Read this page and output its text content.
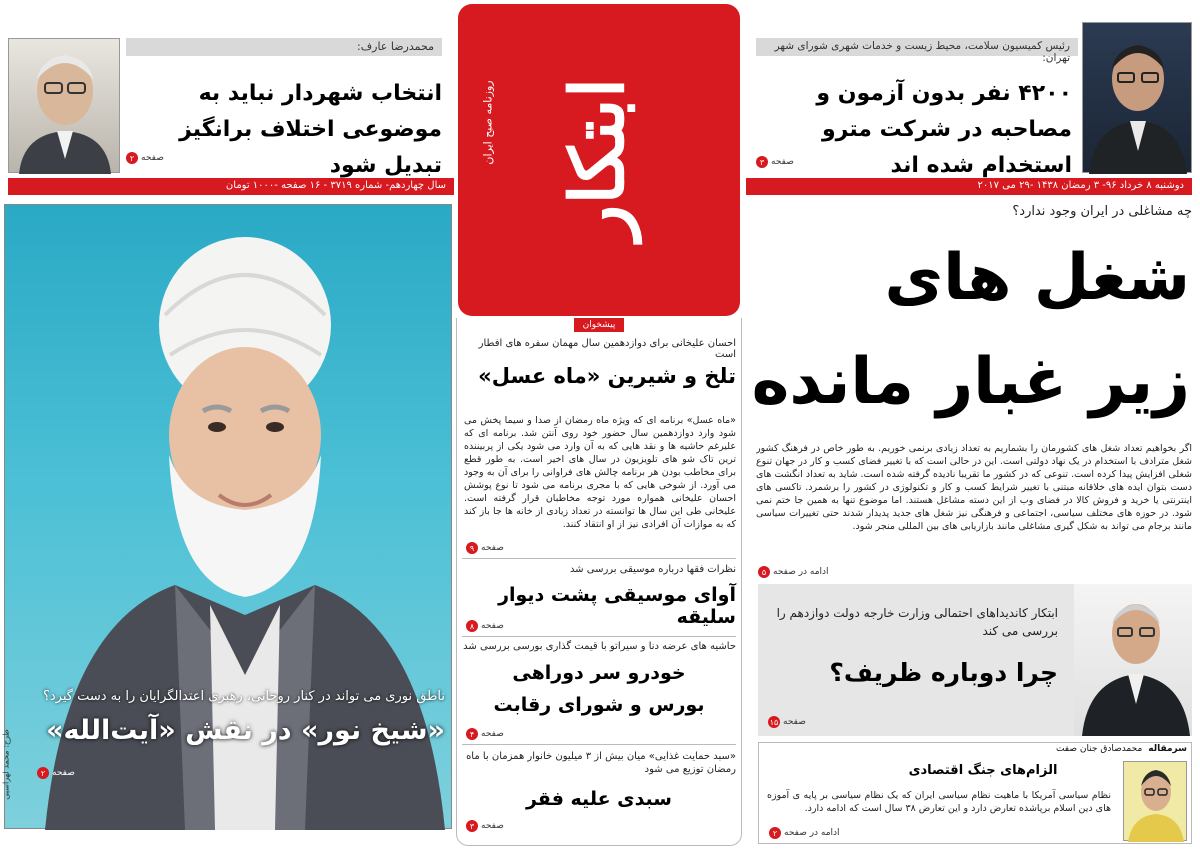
محمدرضا عارف:
انتخاب شهردار نباید به موضوعی اختلاف برانگیز تبدیل شود
صفحه
۲
سال چهاردهم- شماره ۳۷۱۹ - ۱۶ صفحه -۱۰۰۰ تومان
رئیس کمیسیون سلامت، محیط زیست و خدمات شهری شورای شهر تهران:
۴۲۰۰ نفر بدون آزمون و مصاحبه در شرکت مترو استخدام شده اند
صفحه
۳
دوشنبه ۸ خرداد ۹۶- ۳ رمضان ۱۴۳۸ -۲۹ می ۲۰۱۷
ابتکار
روزنامه صبح ایران
ناطق نوری می تواند در کنار روحانی، رهبری اعتدالگرایان را به دست گیرد؟
«شیخ نور» در نقش «آیت‌الله»
صفحه
۲
طرح: محمد لهراسبی
پیشخوان
احسان علیخانی برای دوازدهمین سال مهمان سفره های افطار است
تلخ و شیرین «ماه عسل»
«ماه عسل» برنامه ای که ویژه ماه رمضان از صدا و سیما پخش می شود وارد دوازدهمین سال حضور خود روی آنتن شد. برنامه ای که علیرغم حاشیه ها و نقد هایی که به آن وارد می شود یکی از پربیننده ترین تاک شو های تلویزیون در سال های اخیر است. به طور قطع برای مخاطب بودن هر برنامه چالش های فراوانی را برای آن به وجود می آورد. از شوخی هایی که با مجری برنامه می شود تا نوع پوشش احسان علیخانی همواره مورد توجه مخاطبان قرار گرفته است. علیخانی طی این سال ها توانسته در تعداد زیادی از خانه ها جا باز کند که به موازات آن افرادی نیز از او انتقاد کنند.
صفحه
۹
نظرات فقها درباره موسیقی بررسی شد
آوای موسیقی پشت دیوار سلیقه
صفحه
۸
حاشیه های عرضه دنا و سیراتو با قیمت گذاری بورسی بررسی شد
خودرو سر دوراهی
بورس و شورای رقابت
صفحه
۴
«سبد حمایت غذایی» میان بیش از ۳ میلیون خانوار همزمان با ماه رمضان توزیع می شود
سبدی علیه فقر
صفحه
۳
چه مشاغلی در ایران وجود ندارد؟
شغل های
زیر غبار مانده
اگر بخواهیم تعداد شغل های کشورمان را بشماریم به تعداد زیادی برنمی خوریم. به طور خاص در فرهنگ کشور شغل مترادف با استخدام در یک نهاد دولتی است. این در حالی است که با تغییر فضای کسب و کار در جهان تنوع شغلی افزایش پیدا کرده است. تنوعی که در کشور ما تقریبا نادیده گرفته شده است. شاید به تعداد انگشت های دست بتوان ایده های خلاقانه مبتنی با تغییر شرایط کسب و کار و تکنولوژی در کشور را برشمرد. تاکسی های اینترنتی یا خرید و فروش کالا در فضای وب از این دسته مشاغل هستند. اما موضوع تنها به همین جا ختم نمی شود. در حوزه های مختلف سیاسی، اجتماعی و فرهنگی نیز شغل های جدید پدیدار شدند حتی تغییرات سیاسی مانند برجام می تواند به شکل گیری مشاغلی مانند بازاریابی های بین المللی منجر شود.
ادامه در صفحه
۵
ابتکار کاندیداهای احتمالی وزارت خارجه دولت دوازدهم را بررسی می کند
چرا دوباره ظریف؟
صفحه
۱۵
سرمقاله
محمدصادق جنان صفت
الزام‌های جنگ اقتصادی
نظام سیاسی آمریکا با ماهیت نظام سیاسی ایران که یک نظام سیاسی بر پایه ی آموزه های دین اسلام برپاشده تعارض دارد و این تعارض ۳۸ سال است که ادامه دارد.
ادامه در صفحه
۲
